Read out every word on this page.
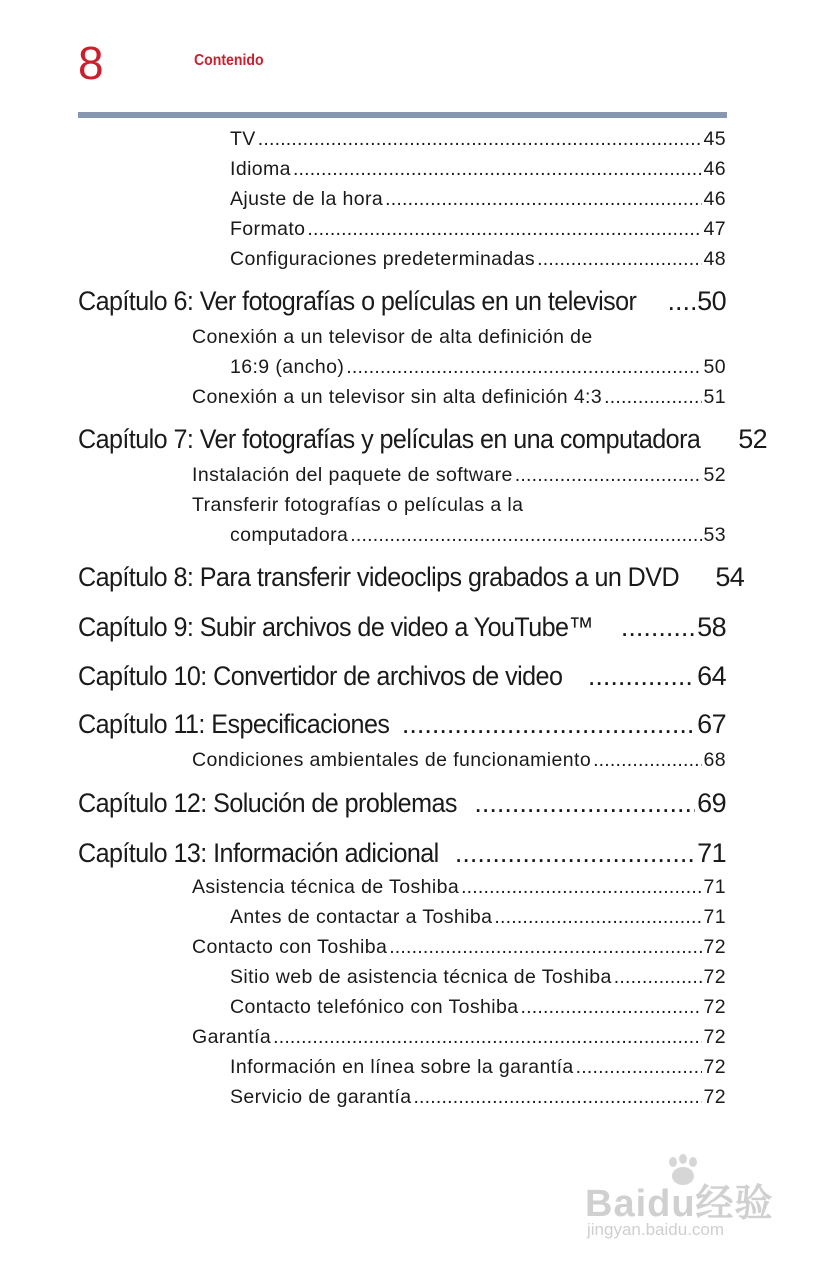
8	Contenido
TV .....	45
Idioma .....	46
Ajuste de la hora .....	46
Formato .....	47
Configuraciones predeterminadas .....	48
Capítulo 6: Ver fotografías o películas en un televisor ..... 50
Conexión a un televisor de alta definición de
16:9 (ancho) .....	50
Conexión a un televisor sin alta definición 4:3 .....	51
Capítulo 7: Ver fotografías y películas en una computadora 52
Instalación del paquete de software .....	52
Transferir fotografías o películas a la
computadora .....	53
Capítulo 8: Para transferir videoclips grabados a un DVD 54
Capítulo 9: Subir archivos de video a YouTube™ .....	58
Capítulo 10: Convertidor de archivos de video .....	64
Capítulo 11: Especificaciones .....	67
Condiciones ambientales de funcionamiento .....	68
Capítulo 12: Solución de problemas .....	69
Capítulo 13: Información adicional .....	71
Asistencia técnica de Toshiba .....	71
Antes de contactar a Toshiba .....	71
Contacto con Toshiba .....	72
Sitio web de asistencia técnica de Toshiba .....	72
Contacto telefónico con Toshiba .....	72
Garantía .....	72
Información en línea sobre la garantía .....	72
Servicio de garantía .....	72
Baidu经验
jingyan.baidu.com
